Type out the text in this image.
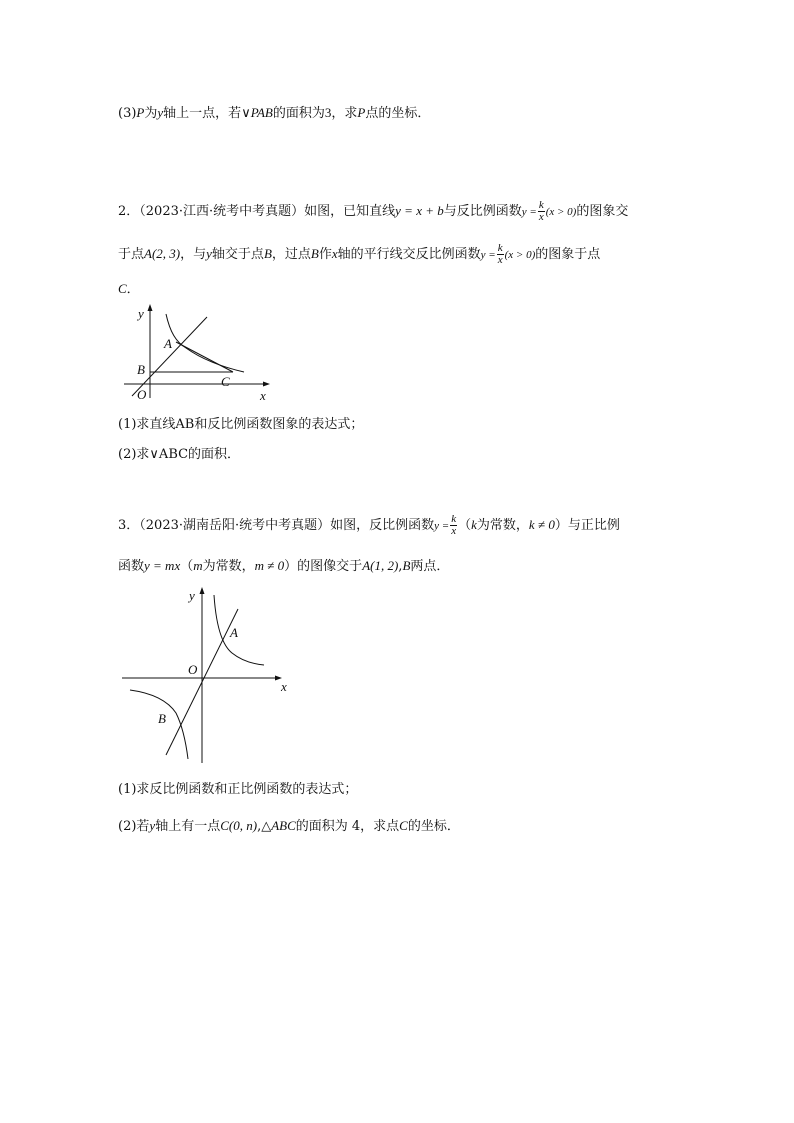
(3)P为y轴上一点，若∨PAB的面积为3，求P点的坐标．
2．（2023·江西·统考中考真题）如图，已知直线y = x + b与反比例函数$y = \frac{k}{x} (x > 0)$的图象交
于点A(2, 3)，与y轴交于点B，过点B作x轴的平行线交反比例函数$y = \frac{k}{x} (x > 0)$的图象于点
C．
y
x
O
A
B
C
(1)求直线AB和反比例函数图象的表达式；
(2)求∨ABC的面积．
3．（2023·湖南岳阳·统考中考真题）如图，反比例函数$y = \frac{k}{x} (k$为常数，k ≠ 0）与正比例
函数y = mx（m为常数，m ≠ 0）的图像交于A(1, 2),B两点．
y
x
O
A
B
(1)求反比例函数和正比例函数的表达式；
(2)若y轴上有一点C(0, n),△ABC的面积为 4，求点C的坐标．
